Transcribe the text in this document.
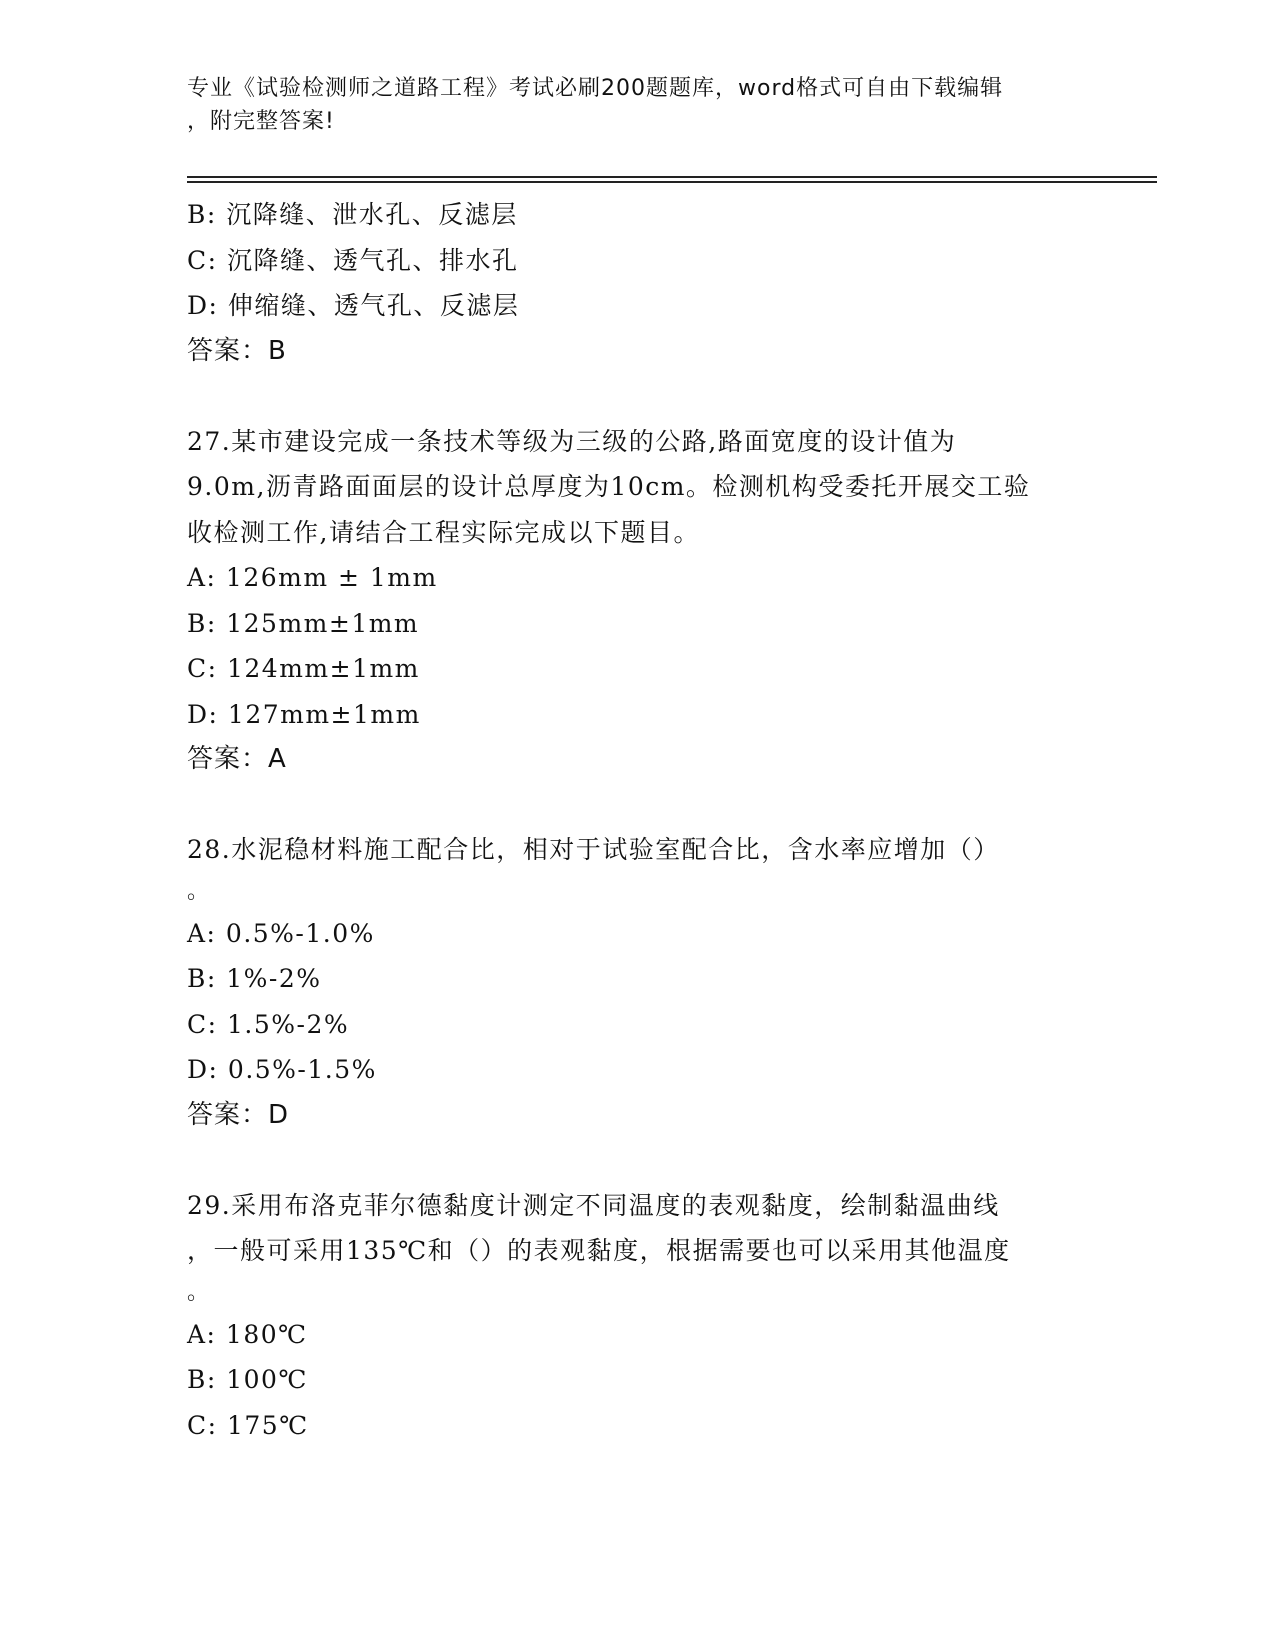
专业《试验检测师之道路工程》考试必刷200题题库，word格式可自由下载编辑
，附完整答案!
B: 沉降缝、泄水孔、反滤层
C: 沉降缝、透气孔、排水孔
D: 伸缩缝、透气孔、反滤层
答案：B
27.某市建设完成一条技术等级为三级的公路,路面宽度的设计值为
9.0m,沥青路面面层的设计总厚度为10cm。检测机构受委托开展交工验
收检测工作,请结合工程实际完成以下题目。
A: 126mm ± 1mm
B: 125mm±1mm
C: 124mm±1mm
D: 127mm±1mm
答案：A
28.水泥稳材料施工配合比，相对于试验室配合比，含水率应增加（）
。
A: 0.5%-1.0%
B: 1%-2%
C: 1.5%-2%
D: 0.5%-1.5%
答案：D
29.采用布洛克菲尔德黏度计测定不同温度的表观黏度，绘制黏温曲线
，一般可采用135℃和（）的表观黏度，根据需要也可以采用其他温度
。
A: 180℃
B: 100℃
C: 175℃
